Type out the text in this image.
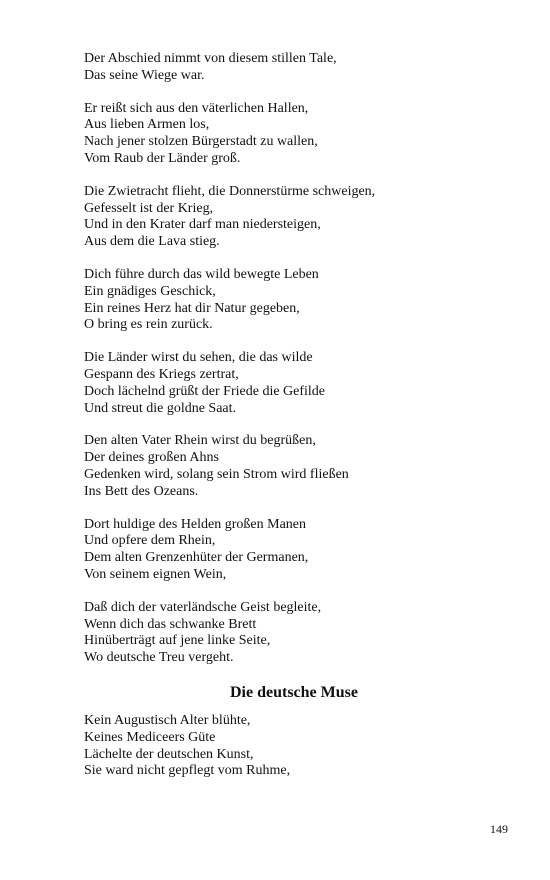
Der Abschied nimmt von diesem stillen Tale,
Das seine Wiege war.
Er reißt sich aus den väterlichen Hallen,
Aus lieben Armen los,
Nach jener stolzen Bürgerstadt zu wallen,
Vom Raub der Länder groß.
Die Zwietracht flieht, die Donnerstürme schweigen,
Gefesselt ist der Krieg,
Und in den Krater darf man niedersteigen,
Aus dem die Lava stieg.
Dich führe durch das wild bewegte Leben
Ein gnädiges Geschick,
Ein reines Herz hat dir Natur gegeben,
O bring es rein zurück.
Die Länder wirst du sehen, die das wilde
Gespann des Kriegs zertrat,
Doch lächelnd grüßt der Friede die Gefilde
Und streut die goldne Saat.
Den alten Vater Rhein wirst du begrüßen,
Der deines großen Ahns
Gedenken wird, solang sein Strom wird fließen
Ins Bett des Ozeans.
Dort huldige des Helden großen Manen
Und opfere dem Rhein,
Dem alten Grenzenhüter der Germanen,
Von seinem eignen Wein,
Daß dich der vaterländsche Geist begleite,
Wenn dich das schwanke Brett
Hinüberträgt auf jene linke Seite,
Wo deutsche Treu vergeht.
Die deutsche Muse
Kein Augustisch Alter blühte,
Keines Mediceers Güte
Lächelte der deutschen Kunst,
Sie ward nicht gepflegt vom Ruhme,
149
